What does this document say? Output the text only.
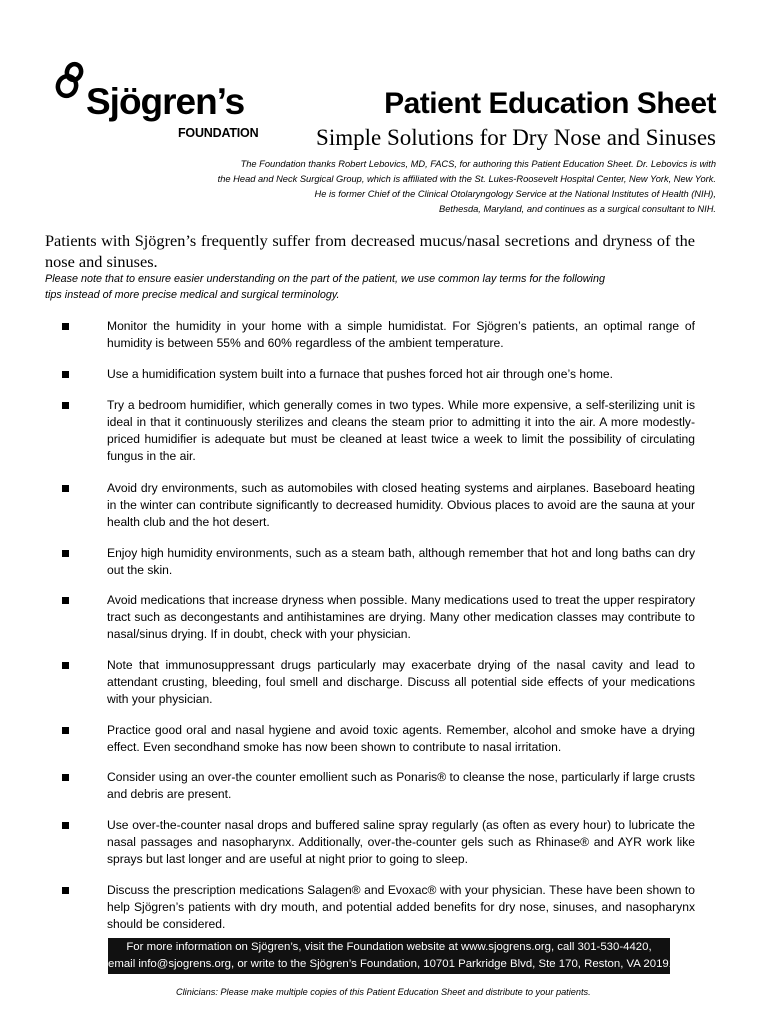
Sjögren’s
FOUNDATION
Patient Education Sheet
Simple Solutions for Dry Nose and Sinuses
The Foundation thanks Robert Lebovics, MD, FACS, for authoring this Patient Education Sheet. Dr. Lebovics is with
the Head and Neck Surgical Group, which is affiliated with the St. Lukes-Roosevelt Hospital Center, New York, New York.
He is former Chief of the Clinical Otolaryngology Service at the National Institutes of Health (NIH),
Bethesda, Maryland, and continues as a surgical consultant to NIH.
Patients with Sjögren’s frequently suffer from decreased mucus/nasal secretions and dryness of the nose and sinuses.
Please note that to ensure easier understanding on the part of the patient, we use common lay terms for the following
tips instead of more precise medical and surgical terminology.
Monitor the humidity in your home with a simple humidistat. For Sjögren’s patients, an optimal range of humidity is between 55% and 60% regardless of the ambient temperature.
Use a humidification system built into a furnace that pushes forced hot air through one’s home.
Try a bedroom humidifier, which generally comes in two types. While more expensive, a self-sterilizing unit is ideal in that it continuously sterilizes and cleans the steam prior to admitting it into the air. A more modestly-priced humidifier is adequate but must be cleaned at least twice a week to limit the possibility of circulating fungus in the air.
Avoid dry environments, such as automobiles with closed heating systems and airplanes. Baseboard heating in the winter can contribute significantly to decreased humidity. Obvious places to avoid are the sauna at your health club and the hot desert.
Enjoy high humidity environments, such as a steam bath, although remember that hot and long baths can dry out the skin.
Avoid medications that increase dryness when possible. Many medications used to treat the upper respiratory tract such as decongestants and antihistamines are drying. Many other medication classes may contribute to nasal/sinus drying. If in doubt, check with your physician.
Note that immunosuppressant drugs particularly may exacerbate drying of the nasal cavity and lead to attendant crusting, bleeding, foul smell and discharge. Discuss all potential side effects of your medications with your physician.
Practice good oral and nasal hygiene and avoid toxic agents. Remember, alcohol and smoke have a drying effect. Even secondhand smoke has now been shown to contribute to nasal irritation.
Consider using an over-the counter emollient such as Ponaris® to cleanse the nose, particularly if large crusts and debris are present.
Use over-the-counter nasal drops and buffered saline spray regularly (as often as every hour) to lubricate the nasal passages and nasopharynx. Additionally, over-the-counter gels such as Rhinase® and AYR work like sprays but last longer and are useful at night prior to going to sleep.
Discuss the prescription medications Salagen® and Evoxac® with your physician. These have been shown to help Sjögren’s patients with dry mouth, and potential added benefits for dry nose, sinuses, and nasopharynx should be considered.
For more information on Sjögren’s, visit the Foundation website at www.sjogrens.org, call 301-530-4420,
email info@sjogrens.org, or write to the Sjögren’s Foundation, 10701 Parkridge Blvd, Ste 170, Reston, VA 20191
Clinicians: Please make multiple copies of this Patient Education Sheet and distribute to your patients.
